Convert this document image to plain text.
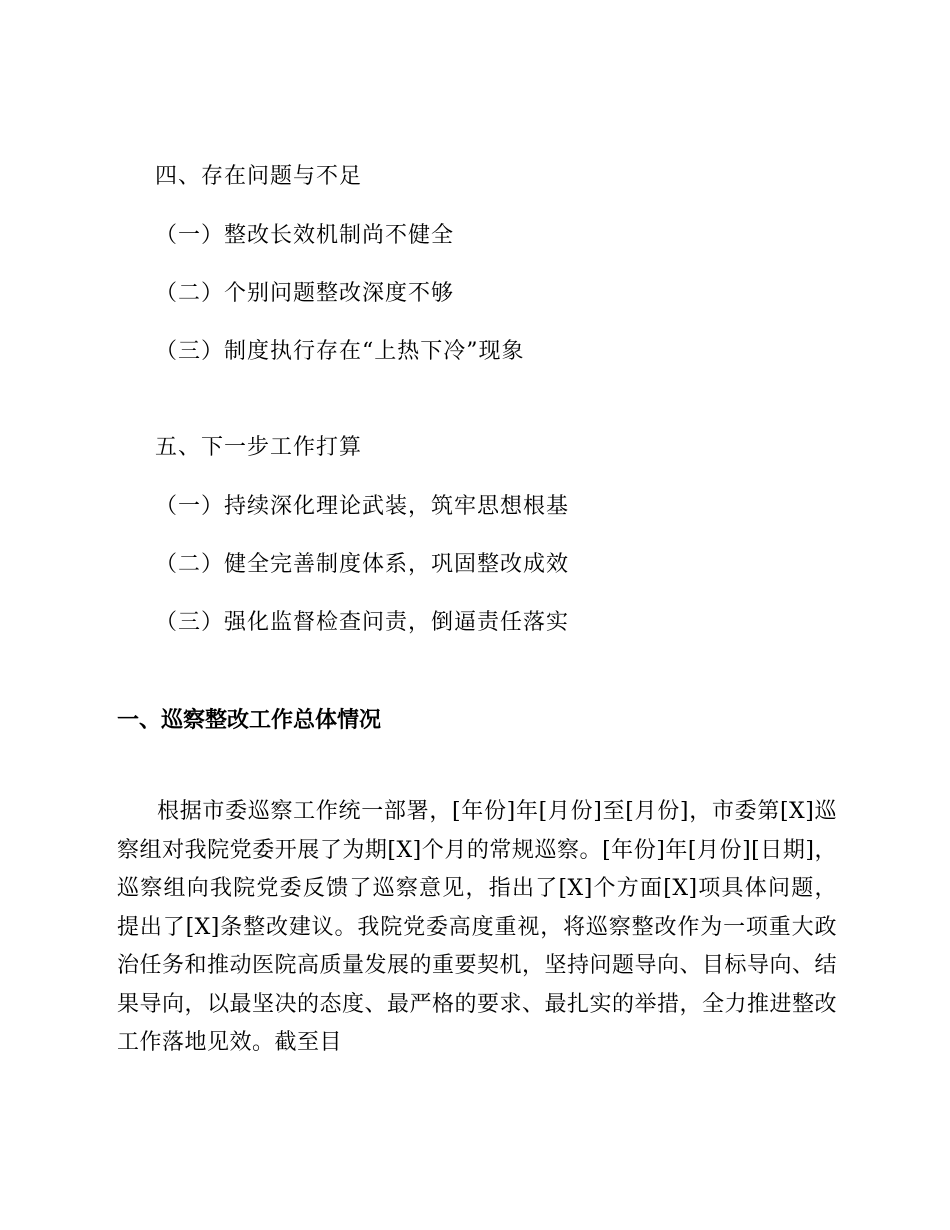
四、存在问题与不足
（一）整改长效机制尚不健全
（二）个别问题整改深度不够
（三）制度执行存在“上热下冷”现象
五、下一步工作打算
（一）持续深化理论武装，筑牢思想根基
（二）健全完善制度体系，巩固整改成效
（三）强化监督检查问责，倒逼责任落实
一、巡察整改工作总体情况
根据市委巡察工作统一部署，[年份]年[月份]至[月份]，市委第[X]巡察组对我院党委开展了为期[X]个月的常规巡察。[年份]年[月份][日期]，巡察组向我院党委反馈了巡察意见，指出了[X]个方面[X]项具体问题，提出了[X]条整改建议。我院党委高度重视，将巡察整改作为一项重大政治任务和推动医院高质量发展的重要契机，坚持问题导向、目标导向、结果导向，以最坚决的态度、最严格的要求、最扎实的举措，全力推进整改工作落地见效。截至目
